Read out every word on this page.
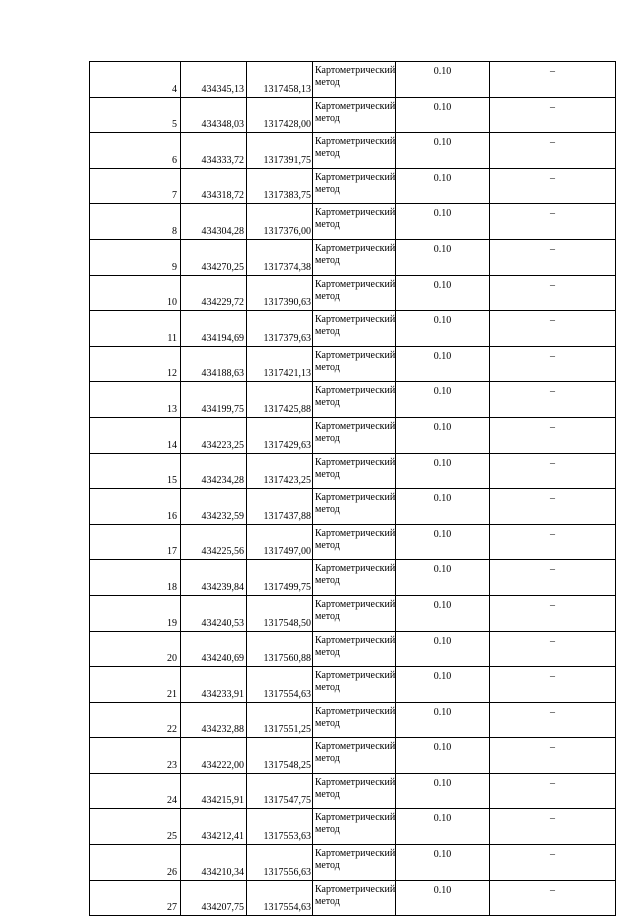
4	434345,13	1317458,13	Картометрический метод	0.10	–
5	434348,03	1317428,00	Картометрический метод	0.10	–
6	434333,72	1317391,75	Картометрический метод	0.10	–
7	434318,72	1317383,75	Картометрический метод	0.10	–
8	434304,28	1317376,00	Картометрический метод	0.10	–
9	434270,25	1317374,38	Картометрический метод	0.10	–
10	434229,72	1317390,63	Картометрический метод	0.10	–
11	434194,69	1317379,63	Картометрический метод	0.10	–
12	434188,63	1317421,13	Картометрический метод	0.10	–
13	434199,75	1317425,88	Картометрический метод	0.10	–
14	434223,25	1317429,63	Картометрический метод	0.10	–
15	434234,28	1317423,25	Картометрический метод	0.10	–
16	434232,59	1317437,88	Картометрический метод	0.10	–
17	434225,56	1317497,00	Картометрический метод	0.10	–
18	434239,84	1317499,75	Картометрический метод	0.10	–
19	434240,53	1317548,50	Картометрический метод	0.10	–
20	434240,69	1317560,88	Картометрический метод	0.10	–
21	434233,91	1317554,63	Картометрический метод	0.10	–
22	434232,88	1317551,25	Картометрический метод	0.10	–
23	434222,00	1317548,25	Картометрический метод	0.10	–
24	434215,91	1317547,75	Картометрический метод	0.10	–
25	434212,41	1317553,63	Картометрический метод	0.10	–
26	434210,34	1317556,63	Картометрический метод	0.10	–
27	434207,75	1317554,63	Картометрический метод	0.10	–
